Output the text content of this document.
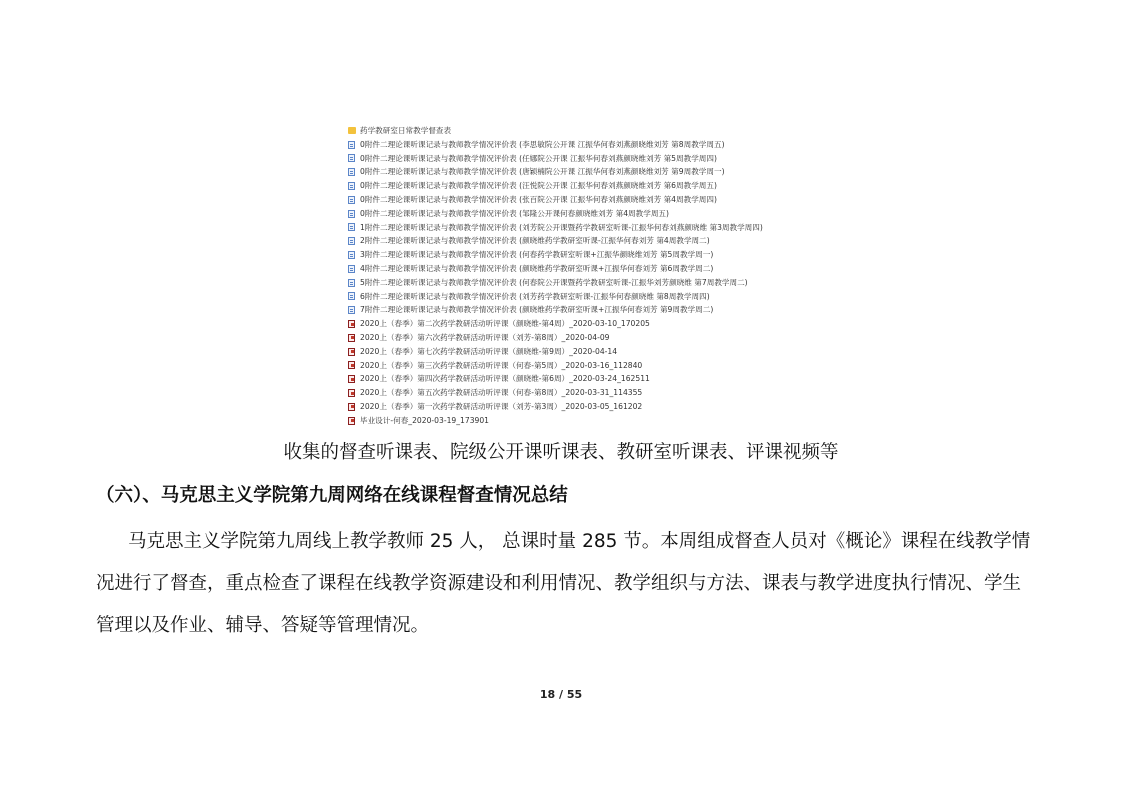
药学教研室日常教学督查表
0附件二理论课听课记录与教师教学情况评价表 (李思敏院公开课 江振华何春刘燕颜晓维刘芳 第8周教学周五)
0附件二理论课听课记录与教师教学情况评价表 (任娜院公开课 江振华何春刘燕颜晓维刘芳 第5周教学周四)
0附件二理论课听课记录与教师教学情况评价表 (唐颖楠院公开课 江振华何春刘燕颜晓维刘芳 第9周教学周一)
0附件二理论课听课记录与教师教学情况评价表 (汪悦院公开课 江振华何春刘燕颜晓维刘芳 第6周教学周五)
0附件二理论课听课记录与教师教学情况评价表 (张百院公开课 江振华何春刘燕颜晓维刘芳 第4周教学周四)
0附件二理论课听课记录与教师教学情况评价表 (邹隆公开课何春颜晓维刘芳 第4周教学周五)
1附件二理论课听课记录与教师教学情况评价表 (刘芳院公开课暨药学教研室听课-江振华何春刘燕颜晓维 第3周教学周四)
2附件二理论课听课记录与教师教学情况评价表 (颜晓维药学教研室听课-江振华何春刘芳 第4周教学周二)
3附件二理论课听课记录与教师教学情况评价表 (何春药学教研室听课+江振华颜晓维刘芳 第5周教学周一)
4附件二理论课听课记录与教师教学情况评价表 (颜晓维药学教研室听课+江振华何春刘芳 第6周教学周二)
5附件二理论课听课记录与教师教学情况评价表 (何春院公开课暨药学教研室听课-江振华刘芳颜晓维 第7周教学周二)
6附件二理论课听课记录与教师教学情况评价表 (刘芳药学教研室听课-江振华何春颜晓维 第8周教学周四)
7附件二理论课听课记录与教师教学情况评价表 (颜晓维药学教研室听课+江振华何春刘芳 第9周教学周二)
2020上（春季）第二次药学教研活动听评课（颜晓维-第4周）_2020-03-10_170205
2020上（春季）第六次药学教研活动听评课（刘芳-第8周）_2020-04-09
2020上（春季）第七次药学教研活动听评课（颜晓维-第9周）_2020-04-14
2020上（春季）第三次药学教研活动听评课（何春-第5周）_2020-03-16_112840
2020上（春季）第四次药学教研活动听评课（颜晓维-第6周）_2020-03-24_162511
2020上（春季）第五次药学教研活动听评课（何春-第8周）_2020-03-31_114355
2020上（春季）第一次药学教研活动听评课（刘芳-第3周）_2020-03-05_161202
毕业设计-何春_2020-03-19_173901
收集的督查听课表、院级公开课听课表、教研室听课表、评课视频等
（六）、马克思主义学院第九周网络在线课程督查情况总结

马克思主义学院第九周线上教学教师 25 人， 总课时量 285 节。本周组成督查人员对《概论》课程在线教学情况进行了督查，重点检查了课程在线教学资源建设和利用情况、教学组织与方法、课表与教学进度执行情况、学生管理以及作业、辅导、答疑等管理情况。

18 / 55
